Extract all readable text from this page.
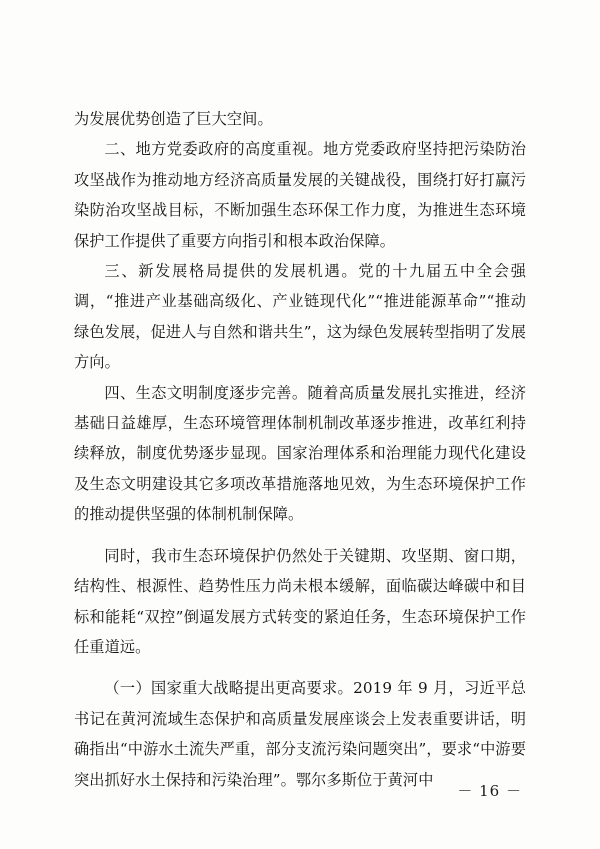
为发展优势创造了巨大空间。

二、地方党委政府的高度重视。地方党委政府坚持把污染防治攻坚战作为推动地方经济高质量发展的关键战役，围绕打好打赢污染防治攻坚战目标，不断加强生态环保工作力度，为推进生态环境保护工作提供了重要方向指引和根本政治保障。

三、新发展格局提供的发展机遇。党的十九届五中全会强调，“推进产业基础高级化、产业链现代化”“推进能源革命”“推动绿色发展，促进人与自然和谐共生”，这为绿色发展转型指明了发展方向。

四、生态文明制度逐步完善。随着高质量发展扎实推进，经济基础日益雄厚，生态环境管理体制机制改革逐步推进，改革红利持续释放，制度优势逐步显现。国家治理体系和治理能力现代化建设及生态文明建设其它多项改革措施落地见效，为生态环境保护工作的推动提供坚强的体制机制保障。

同时，我市生态环境保护仍然处于关键期、攻坚期、窗口期，结构性、根源性、趋势性压力尚未根本缓解，面临碳达峰碳中和目标和能耗“双控”倒逼发展方式转变的紧迫任务，生态环境保护工作任重道远。

（一）国家重大战略提出更高要求。2019 年 9 月，习近平总书记在黄河流域生态保护和高质量发展座谈会上发表重要讲话，明确指出“中游水土流失严重，部分支流污染问题突出”，要求“中游要突出抓好水土保持和污染治理”。鄂尔多斯位于黄河中

－ 16 －
